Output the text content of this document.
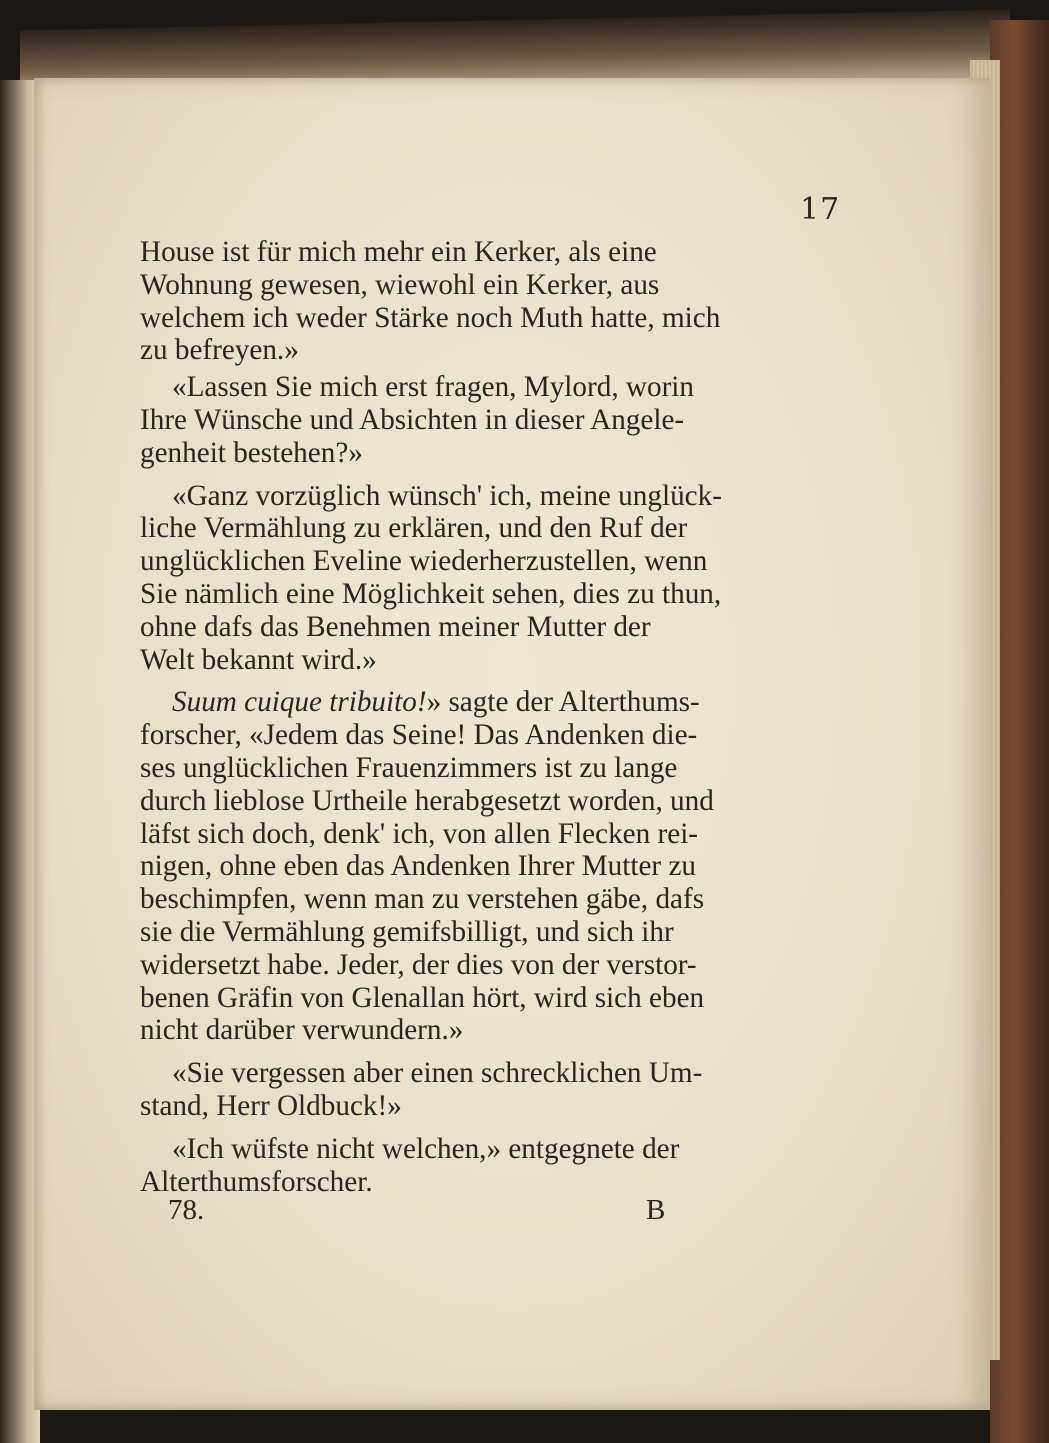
17

House ist für mich mehr ein Kerker, als eine
Wohnung gewesen, wiewohl ein Kerker, aus
welchem ich weder Stärke noch Muth hatte, mich
zu befreyen.»

«Lassen Sie mich erst fragen, Mylord, worin
Ihre Wünsche und Absichten in dieser Angele-
genheit bestehen?»

«Ganz vorzüglich wünsch' ich, meine unglück-
liche Vermählung zu erklären, und den Ruf der
unglücklichen Eveline wiederherzustellen, wenn
Sie nämlich eine Möglichkeit sehen, dies zu thun,
ohne dafs das Benehmen meiner Mutter der
Welt bekannt wird.»

Suum cuique tribuito!» sagte der Alterthums-
forscher, «Jedem das Seine! Das Andenken die-
ses unglücklichen Frauenzimmers ist zu lange
durch lieblose Urtheile herabgesetzt worden, und
läfst sich doch, denk' ich, von allen Flecken rei-
nigen, ohne eben das Andenken Ihrer Mutter zu
beschimpfen, wenn man zu verstehen gäbe, dafs
sie die Vermählung gemifsbilligt, und sich ihr
widersetzt habe. Jeder, der dies von der verstor-
benen Gräfin von Glenallan hört, wird sich eben
nicht darüber verwundern.»

«Sie vergessen aber einen schrecklichen Um-
stand, Herr Oldbuck!»

«Ich wüfste nicht welchen,» entgegnete der
Alterthumsforscher.

78.	B
